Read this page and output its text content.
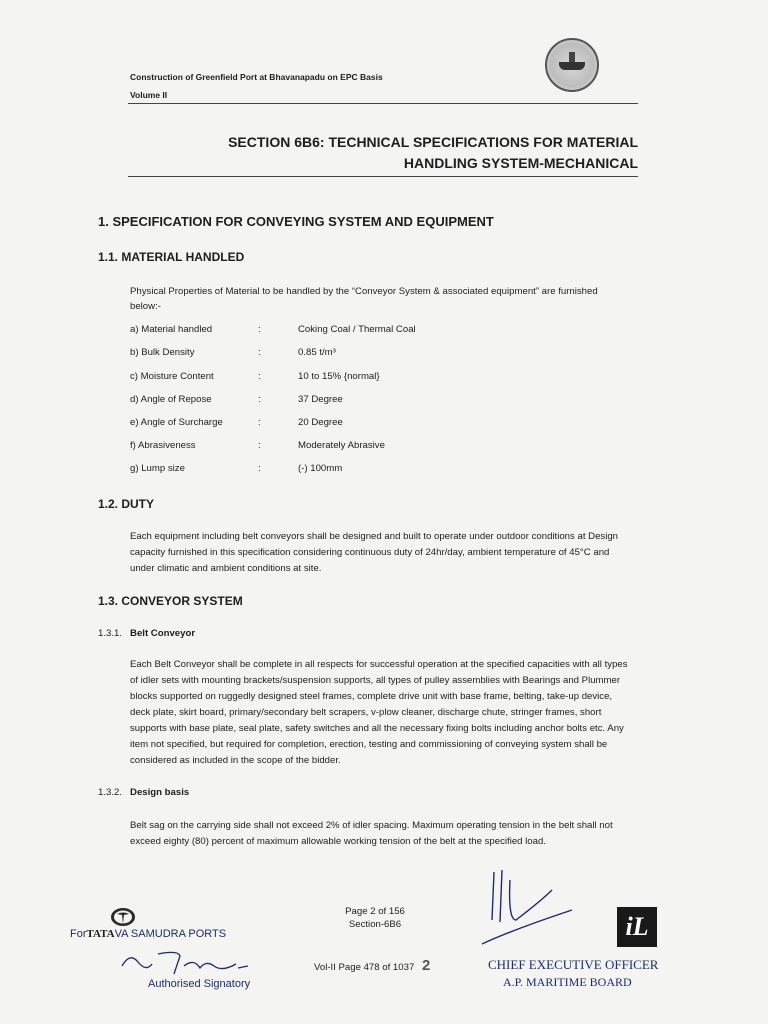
Construction of Greenfield Port at Bhavanapadu on EPC Basis
Volume II
SECTION 6B6: TECHNICAL SPECIFICATIONS FOR MATERIAL
HANDLING SYSTEM-MECHANICAL
1. SPECIFICATION FOR CONVEYING SYSTEM AND EQUIPMENT
1.1. MATERIAL HANDLED
Physical Properties of Material to be handled by the “Conveyor System & associated equipment” are furnished
below:-
a) Material handled	:	Coking Coal / Thermal Coal
b) Bulk Density	:	0.85 t/m³
c) Moisture Content	:	10 to 15% {normal}
d) Angle of Repose	:	37 Degree
e) Angle of Surcharge	:	20 Degree
f) Abrasiveness	:	Moderately Abrasive
g) Lump size	:	(-) 100mm
1.2. DUTY
Each equipment including belt conveyors shall be designed and built to operate under outdoor conditions at Design
capacity furnished in this specification considering continuous duty of 24hr/day, ambient temperature of 45°C and
under climatic and ambient conditions at site.
1.3. CONVEYOR SYSTEM
1.3.1. Belt Conveyor
Each Belt Conveyor shall be complete in all respects for successful operation at the specified capacities with all types
of idler sets with mounting brackets/suspension supports, all types of pulley assemblies with Bearings and Plummer
blocks supported on ruggedly designed steel frames, complete drive unit with base frame, belting, take-up device,
deck plate, skirt board, primary/secondary belt scrapers, v-plow cleaner, discharge chute, stringer frames, short
supports with base plate, seal plate, safety switches and all the necessary fixing bolts including anchor bolts etc. Any
item not specified, but required for completion, erection, testing and commissioning of conveying system shall be
considered as included in the scope of the bidder.
1.3.2. Design basis
Belt sag on the carrying side shall not exceed 2% of idler spacing. Maximum operating tension in the belt shall not
exceed eighty (80) percent of maximum allowable working tension of the belt at the specified load.
Page 2 of 156
Section-6B6
Vol-II Page 478 of 1037 2
ForTATAVA SAMUDRA PORTS
Authorised Signatory
iL
CHIEF EXECUTIVE OFFICER
A.P. MARITIME BOARD
